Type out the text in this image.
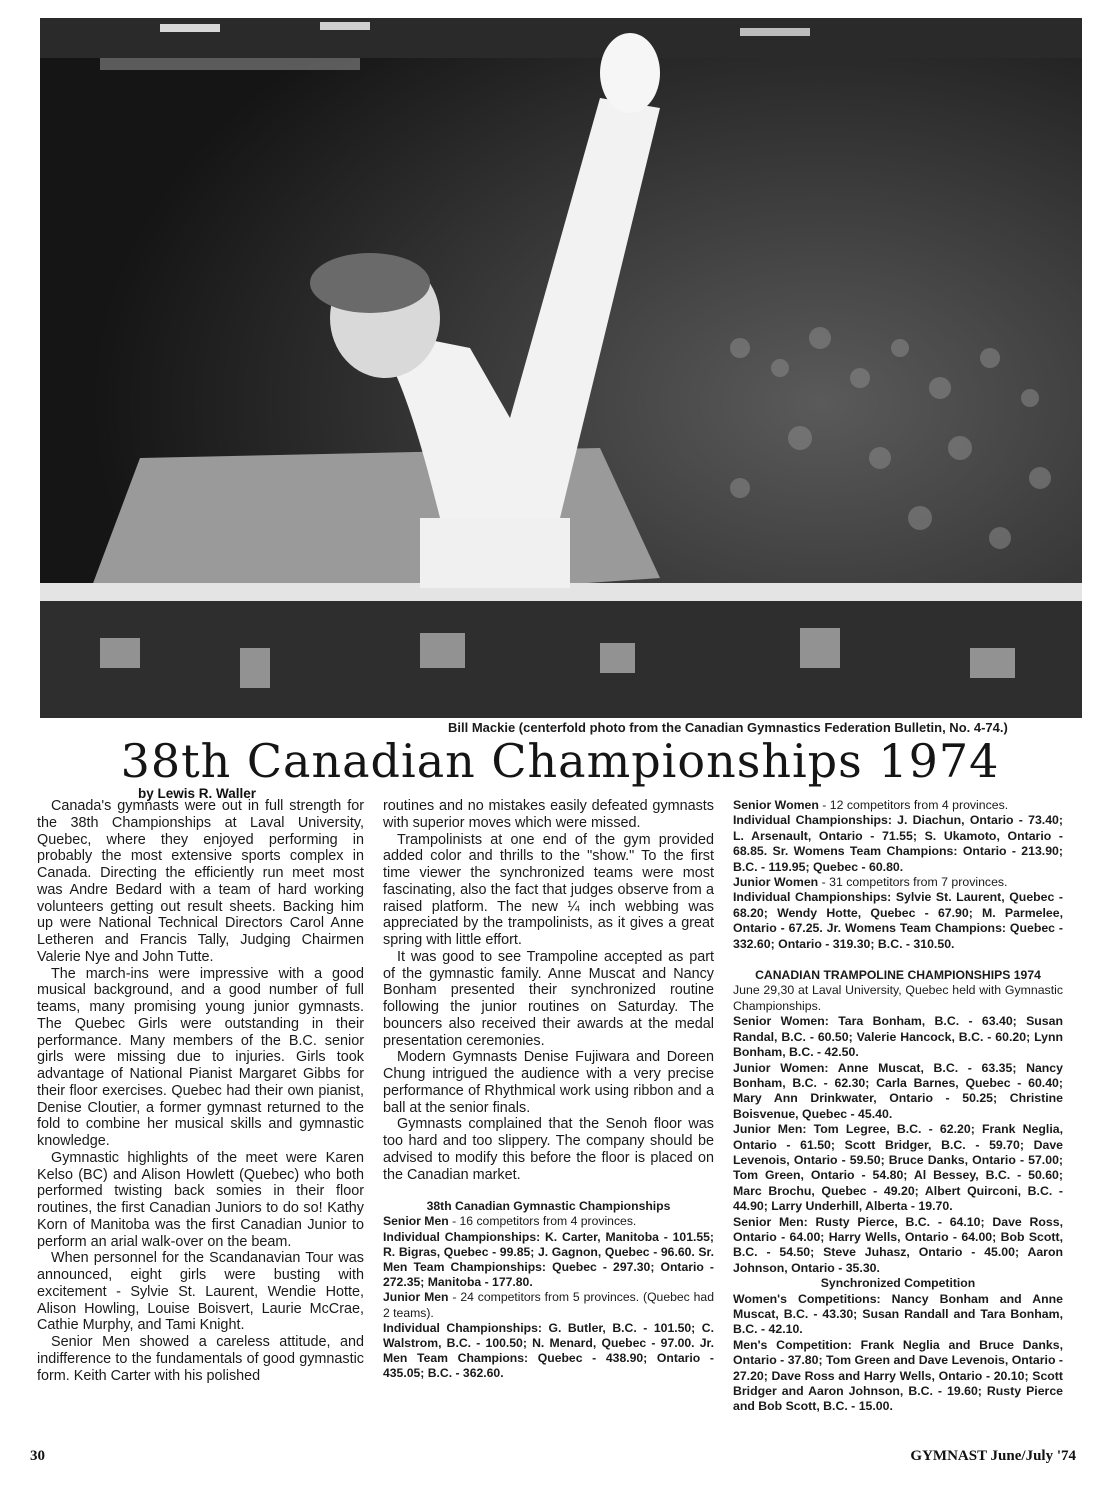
Bill Mackie (centerfold photo from the Canadian Gymnastics Federation Bulletin, No. 4-74.)
38th Canadian Championships 1974
by Lewis R. Waller

Canada's gymnasts were out in full strength for the 38th Championships at Laval University, Quebec, where they enjoyed performing in probably the most extensive sports complex in Canada. Directing the efficiently run meet most was Andre Bedard with a team of hard working volunteers getting out result sheets. Backing him up were National Technical Directors Carol Anne Letheren and Francis Tally, Judging Chairmen Valerie Nye and John Tutte.

The march-ins were impressive with a good musical background, and a good number of full teams, many promising young junior gymnasts. The Quebec Girls were outstanding in their performance. Many members of the B.C. senior girls were missing due to injuries. Girls took advantage of National Pianist Margaret Gibbs for their floor exercises. Quebec had their own pianist, Denise Cloutier, a former gymnast returned to the fold to combine her musical skills and gymnastic knowledge.

Gymnastic highlights of the meet were Karen Kelso (BC) and Alison Howlett (Quebec) who both performed twisting back somies in their floor routines, the first Canadian Juniors to do so! Kathy Korn of Manitoba was the first Canadian Junior to perform an arial walk-over on the beam.

When personnel for the Scandanavian Tour was announced, eight girls were busting with excitement - Sylvie St. Laurent, Wendie Hotte, Alison Howling, Louise Boisvert, Laurie McCrae, Cathie Murphy, and Tami Knight.

Senior Men showed a careless attitude, and indifference to the fundamentals of good gymnastic form. Keith Carter with his polished

routines and no mistakes easily defeated gymnasts with superior moves which were missed.

Trampolinists at one end of the gym provided added color and thrills to the "show." To the first time viewer the synchronized teams were most fascinating, also the fact that judges observe from a raised platform. The new ¼ inch webbing was appreciated by the trampolinists, as it gives a great spring with little effort.

It was good to see Trampoline accepted as part of the gymnastic family. Anne Muscat and Nancy Bonham presented their synchronized routine following the junior routines on Saturday. The bouncers also received their awards at the medal presentation ceremonies.

Modern Gymnasts Denise Fujiwara and Doreen Chung intrigued the audience with a very precise performance of Rhythmical work using ribbon and a ball at the senior finals.

Gymnasts complained that the Senoh floor was too hard and too slippery. The company should be advised to modify this before the floor is placed on the Canadian market.

38th Canadian Gymnastic Championships
Senior Men - 16 competitors from 4 provinces.
Individual Championships: K. Carter, Manitoba - 101.55; R. Bigras, Quebec - 99.85; J. Gagnon, Quebec - 96.60. Sr. Men Team Championships: Quebec - 297.30; Ontario - 272.35; Manitoba - 177.80.
Junior Men - 24 competitors from 5 provinces. (Quebec had 2 teams).
Individual Championships: G. Butler, B.C. - 101.50; C. Walstrom, B.C. - 100.50; N. Menard, Quebec - 97.00. Jr. Men Team Champions: Quebec - 438.90; Ontario - 435.05; B.C. - 362.60.
Senior Women - 12 competitors from 4 provinces.
Individual Championships: J. Diachun, Ontario - 73.40; L. Arsenault, Ontario - 71.55; S. Ukamoto, Ontario - 68.85. Sr. Womens Team Champions: Ontario - 213.90; B.C. - 119.95; Quebec - 60.80.
Junior Women - 31 competitors from 7 provinces.
Individual Championships: Sylvie St. Laurent, Quebec - 68.20; Wendy Hotte, Quebec - 67.90; M. Parmelee, Ontario - 67.25. Jr. Womens Team Champions: Quebec - 332.60; Ontario - 319.30; B.C. - 310.50.
CANADIAN TRAMPOLINE CHAMPIONSHIPS 1974
June 29,30 at Laval University, Quebec held with Gymnastic Championships.
Senior Women: Tara Bonham, B.C. - 63.40; Susan Randal, B.C. - 60.50; Valerie Hancock, B.C. - 60.20; Lynn Bonham, B.C. - 42.50.
Junior Women: Anne Muscat, B.C. - 63.35; Nancy Bonham, B.C. - 62.30; Carla Barnes, Quebec - 60.40; Mary Ann Drinkwater, Ontario - 50.25; Christine Boisvenue, Quebec - 45.40.
Junior Men: Tom Legree, B.C. - 62.20; Frank Neglia, Ontario - 61.50; Scott Bridger, B.C. - 59.70; Dave Levenois, Ontario - 59.50; Bruce Danks, Ontario - 57.00; Tom Green, Ontario - 54.80; Al Bessey, B.C. - 50.60; Marc Brochu, Quebec - 49.20; Albert Quirconi, B.C. - 44.90; Larry Underhill, Alberta - 19.70.
Senior Men: Rusty Pierce, B.C. - 64.10; Dave Ross, Ontario - 64.00; Harry Wells, Ontario - 64.00; Bob Scott, B.C. - 54.50; Steve Juhasz, Ontario - 45.00; Aaron Johnson, Ontario - 35.30.
Synchronized Competition
Women's Competitions: Nancy Bonham and Anne Muscat, B.C. - 43.30; Susan Randall and Tara Bonham, B.C. - 42.10.
Men's Competition: Frank Neglia and Bruce Danks, Ontario - 37.80; Tom Green and Dave Levenois, Ontario - 27.20; Dave Ross and Harry Wells, Ontario - 20.10; Scott Bridger and Aaron Johnson, B.C. - 19.60; Rusty Pierce and Bob Scott, B.C. - 15.00.
30	GYMNAST June/July '74
